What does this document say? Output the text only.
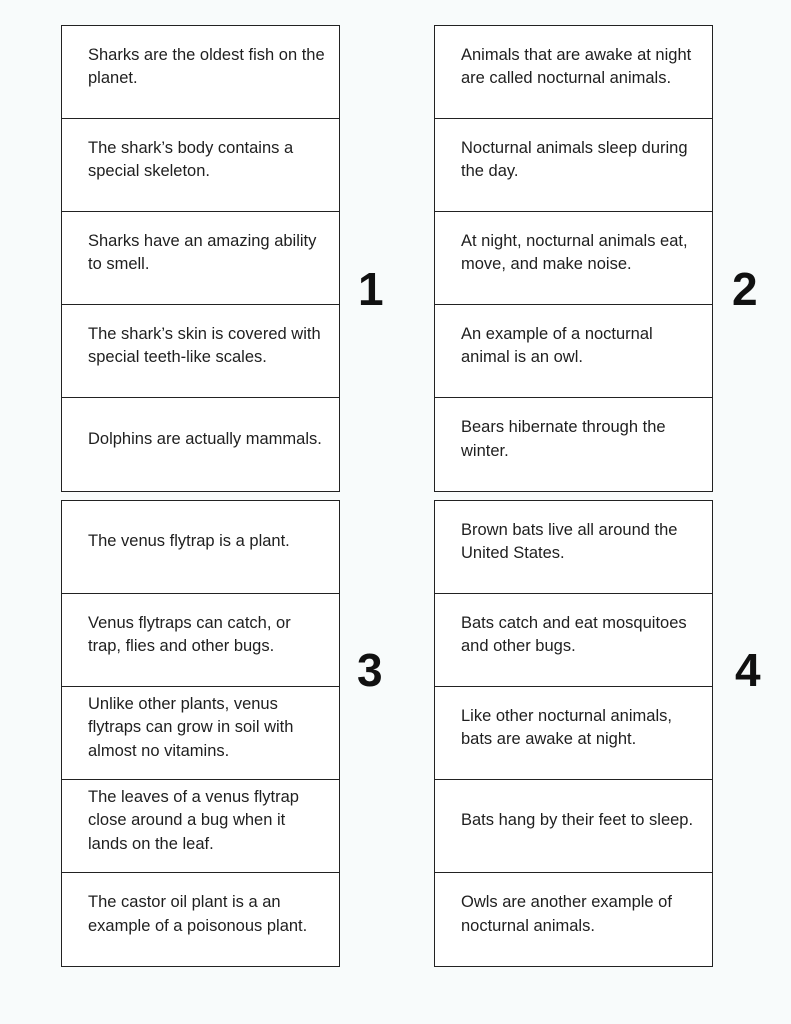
Sharks are the oldest fish on the planet.
The shark’s body contains a special skeleton.
Sharks have an amazing ability to smell.
The shark’s skin is covered with special teeth-like scales.
Dolphins are actually mammals.
1
Animals that are awake at night are called nocturnal animals.
Nocturnal animals sleep during the day.
At night, nocturnal animals eat, move, and make noise.
An example of a nocturnal animal is an owl.
Bears hibernate through the winter.
2
The venus flytrap is a plant.
Venus flytraps can catch, or trap, flies and other bugs.
Unlike other plants, venus flytraps can grow in soil with almost no vitamins.
The leaves of a venus flytrap close around a bug when it lands on the leaf.
The castor oil plant is a an example of a poisonous plant.
3
Brown bats live all around the United States.
Bats catch and eat mosquitoes and other bugs.
Like other nocturnal animals, bats are awake at night.
Bats hang by their feet to sleep.
Owls are another example of nocturnal animals.
4
